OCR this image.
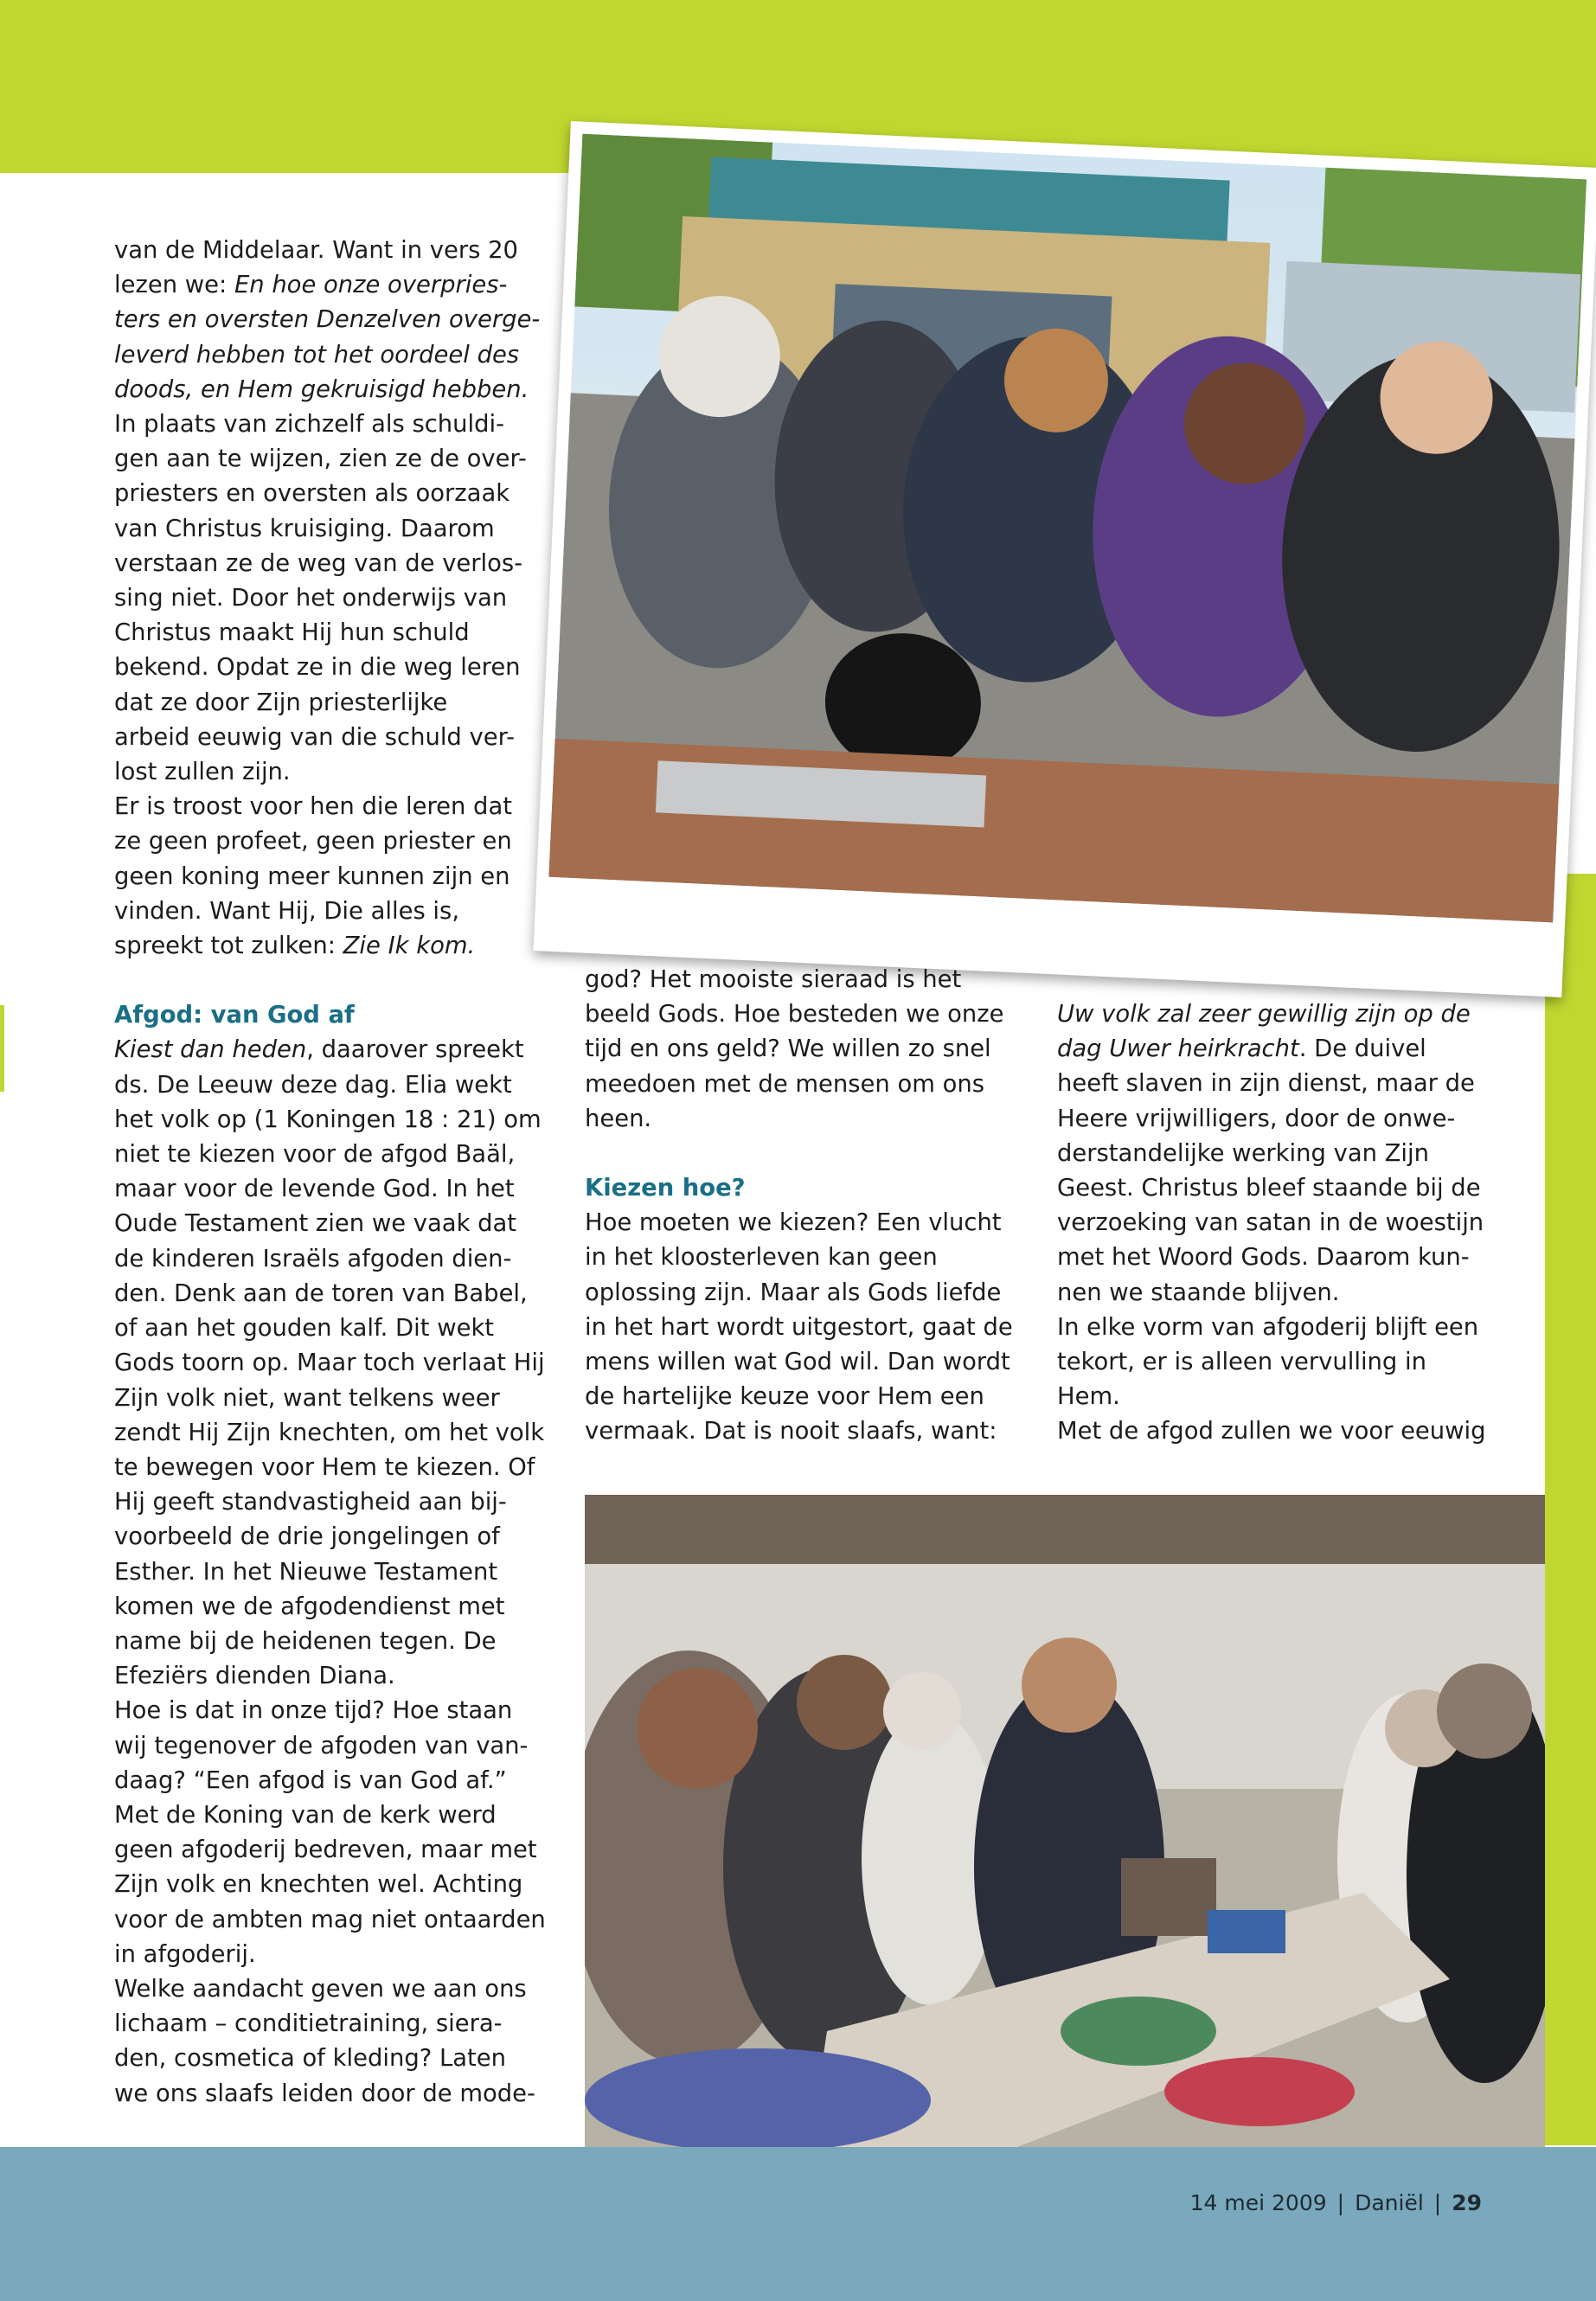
van de Middelaar. Want in vers 20
lezen we: En hoe onze overpries-
ters en oversten Denzelven overge-
leverd hebben tot het oordeel des
doods, en Hem gekruisigd hebben.
In plaats van zichzelf als schuldi-
gen aan te wijzen, zien ze de over-
priesters en oversten als oorzaak
van Christus kruisiging. Daarom
verstaan ze de weg van de verlos-
sing niet. Door het onderwijs van
Christus maakt Hij hun schuld
bekend. Opdat ze in die weg leren
dat ze door Zijn priesterlijke
arbeid eeuwig van die schuld ver-
lost zullen zijn.
Er is troost voor hen die leren dat
ze geen profeet, geen priester en
geen koning meer kunnen zijn en
vinden. Want Hij, Die alles is,
spreekt tot zulken: Zie Ik kom.
Afgod: van God af
Kiest dan heden, daarover spreekt
ds. De Leeuw deze dag. Elia wekt
het volk op (1 Koningen 18 : 21) om
niet te kiezen voor de afgod Baäl,
maar voor de levende God. In het
Oude Testament zien we vaak dat
de kinderen Israëls afgoden dien-
den. Denk aan de toren van Babel,
of aan het gouden kalf. Dit wekt
Gods toorn op. Maar toch verlaat Hij
Zijn volk niet, want telkens weer
zendt Hij Zijn knechten, om het volk
te bewegen voor Hem te kiezen. Of
Hij geeft standvastigheid aan bij-
voorbeeld de drie jongelingen of
Esther. In het Nieuwe Testament
komen we de afgodendienst met
name bij de heidenen tegen. De
Efeziërs dienden Diana.
Hoe is dat in onze tijd? Hoe staan
wij tegenover de afgoden van van-
daag? “Een afgod is van God af.”
Met de Koning van de kerk werd
geen afgoderij bedreven, maar met
Zijn volk en knechten wel. Achting
voor de ambten mag niet ontaarden
in afgoderij.
Welke aandacht geven we aan ons
lichaam – conditietraining, siera-
den, cosmetica of kleding? Laten
we ons slaafs leiden door de mode-
god? Het mooiste sieraad is het
beeld Gods. Hoe besteden we onze
tijd en ons geld? We willen zo snel
meedoen met de mensen om ons
heen.
Kiezen hoe?
Hoe moeten we kiezen? Een vlucht
in het kloosterleven kan geen
oplossing zijn. Maar als Gods liefde
in het hart wordt uitgestort, gaat de
mens willen wat God wil. Dan wordt
de hartelijke keuze voor Hem een
vermaak. Dat is nooit slaafs, want:
Uw volk zal zeer gewillig zijn op de
dag Uwer heirkracht. De duivel
heeft slaven in zijn dienst, maar de
Heere vrijwilligers, door de onwe-
derstandelijke werking van Zijn
Geest. Christus bleef staande bij de
verzoeking van satan in de woestijn
met het Woord Gods. Daarom kun-
nen we staande blijven.
In elke vorm van afgoderij blijft een
tekort, er is alleen vervulling in
Hem.
Met de afgod zullen we voor eeuwig
14 mei 2009 | Daniël | 29
